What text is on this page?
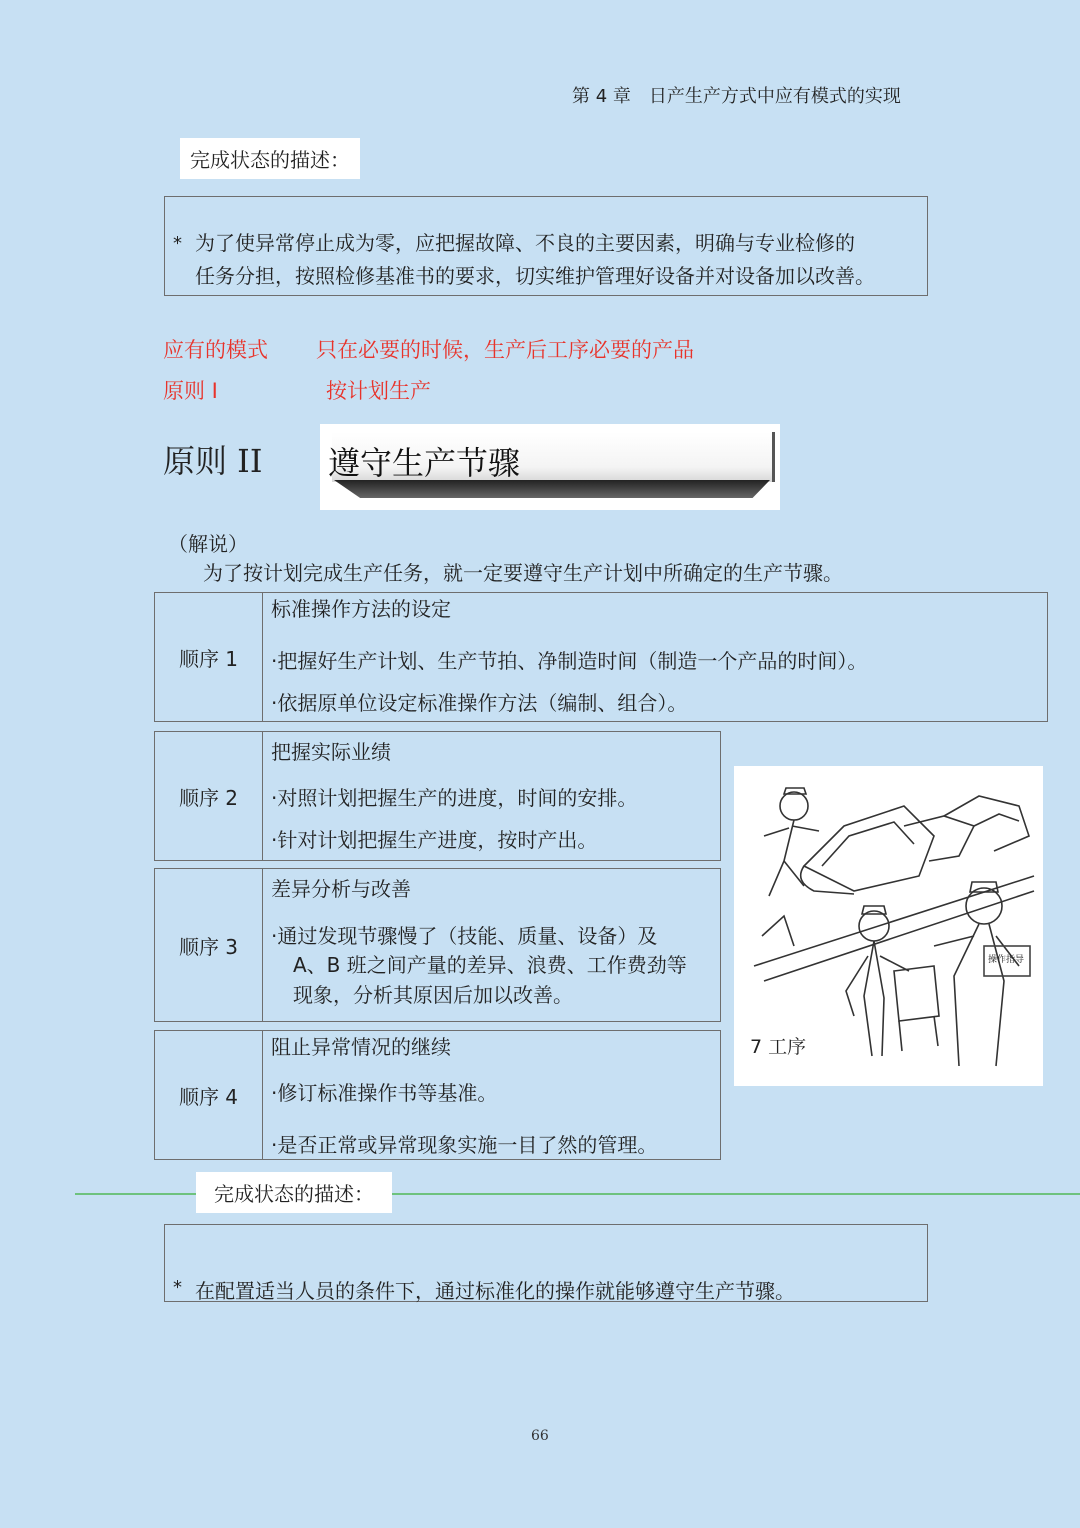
第 4 章　日产生产方式中应有模式的实现
完成状态的描述：
* 为了使异常停止成为零，应把握故障、不良的主要因素，明确与专业检修的
任务分担，按照检修基准书的要求，切实维护管理好设备并对设备加以改善。
应有的模式 只在必要的时候，生产后工序必要的产品
原则 I	按计划生产
原则 II 遵守生产节骤
（解说）
为了按计划完成生产任务，就一定要遵守生产计划中所确定的生产节骤。
顺序 1
标准操作方法的设定
·把握好生产计划、生产节拍、净制造时间（制造一个产品的时间）。
·依据原单位设定标准操作方法（编制、组合）。
顺序 2
把握实际业绩
·对照计划把握生产的进度，时间的安排。
·针对计划把握生产进度，按时产出。
顺序 3
差异分析与改善
·通过发现节骤慢了（技能、质量、设备）及
A、B 班之间产量的差异、浪费、工作费劲等
现象，分析其原因后加以改善。
顺序 4
阻止异常情况的继续
·修订标准操作书等基准。
·是否正常或异常现象实施一目了然的管理。
操作指导
7 工序
完成状态的描述：
* 在配置适当人员的条件下，通过标准化的操作就能够遵守生产节骤。
66
